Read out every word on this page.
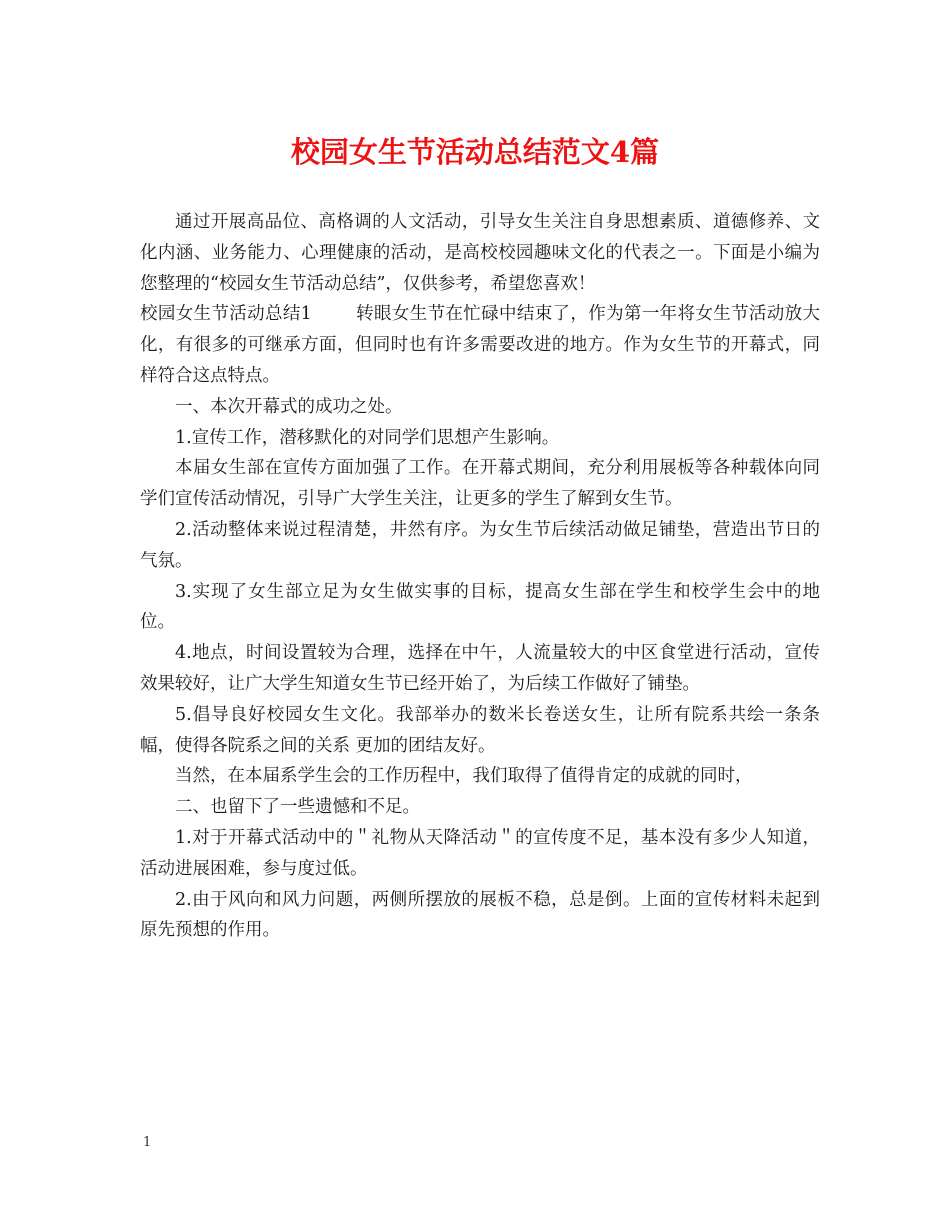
校园女生节活动总结范文4篇

通过开展高品位、高格调的人文活动，引导女生关注自身思想素质、道德修养、文化内涵、业务能力、心理健康的活动，是高校校园趣味文化的代表之一。下面是小编为您整理的“校园女生节活动总结”，仅供参考，希望您喜欢！

校园女生节活动总结1	转眼女生节在忙碌中结束了，作为第一年将女生节活动放大化，有很多的可继承方面，但同时也有许多需要改进的地方。作为女生节的开幕式，同样符合这点特点。

一、本次开幕式的成功之处。

1.宣传工作，潜移默化的对同学们思想产生影响。

本届女生部在宣传方面加强了工作。在开幕式期间，充分利用展板等各种载体向同学们宣传活动情况，引导广大学生关注，让更多的学生了解到女生节。

2.活动整体来说过程清楚，井然有序。为女生节后续活动做足铺垫，营造出节日的气氛。

3.实现了女生部立足为女生做实事的目标，提高女生部在学生和校学生会中的地位。

4.地点，时间设置较为合理，选择在中午，人流量较大的中区食堂进行活动，宣传效果较好，让广大学生知道女生节已经开始了，为后续工作做好了铺垫。

5.倡导良好校园女生文化。我部举办的数米长卷送女生，让所有院系共绘一条条幅，使得各院系之间的关系 更加的团结友好。

当然，在本届系学生会的工作历程中，我们取得了值得肯定的成就的同时，

二、也留下了一些遗憾和不足。

1.对于开幕式活动中的＂礼物从天降活动＂的宣传度不足，基本没有多少人知道，活动进展困难，参与度过低。

2.由于风向和风力问题，两侧所摆放的展板不稳，总是倒。上面的宣传材料未起到原先预想的作用。

1
